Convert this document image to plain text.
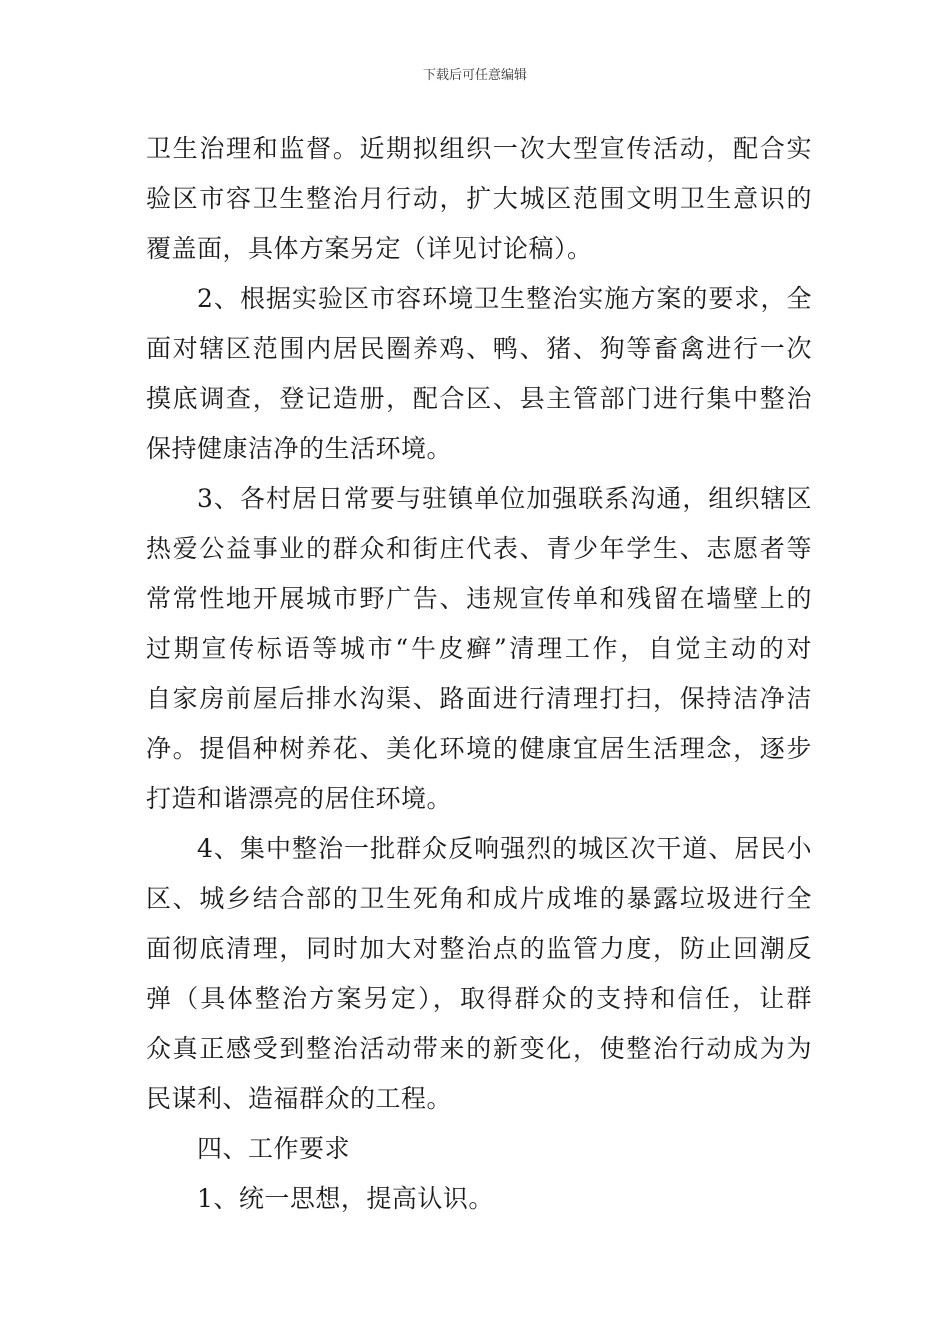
下载后可任意编辑
卫生治理和监督。近期拟组织一次大型宣传活动，配合实
验区市容卫生整治月行动，扩大城区范围文明卫生意识的
覆盖面，具体方案另定（详见讨论稿）。
2、根据实验区市容环境卫生整治实施方案的要求，全
面对辖区范围内居民圈养鸡、鸭、猪、狗等畜禽进行一次
摸底调查，登记造册，配合区、县主管部门进行集中整治
保持健康洁净的生活环境。
3、各村居日常要与驻镇单位加强联系沟通，组织辖区
热爱公益事业的群众和街庄代表、青少年学生、志愿者等
常常性地开展城市野广告、违规宣传单和残留在墙壁上的
过期宣传标语等城市“牛皮癣”清理工作，自觉主动的对
自家房前屋后排水沟渠、路面进行清理打扫，保持洁净洁
净。提倡种树养花、美化环境的健康宜居生活理念，逐步
打造和谐漂亮的居住环境。
4、集中整治一批群众反响强烈的城区次干道、居民小
区、城乡结合部的卫生死角和成片成堆的暴露垃圾进行全
面彻底清理，同时加大对整治点的监管力度，防止回潮反
弹（具体整治方案另定），取得群众的支持和信任，让群
众真正感受到整治活动带来的新变化，使整治行动成为为
民谋利、造福群众的工程。
四、工作要求
1、统一思想，提高认识。
